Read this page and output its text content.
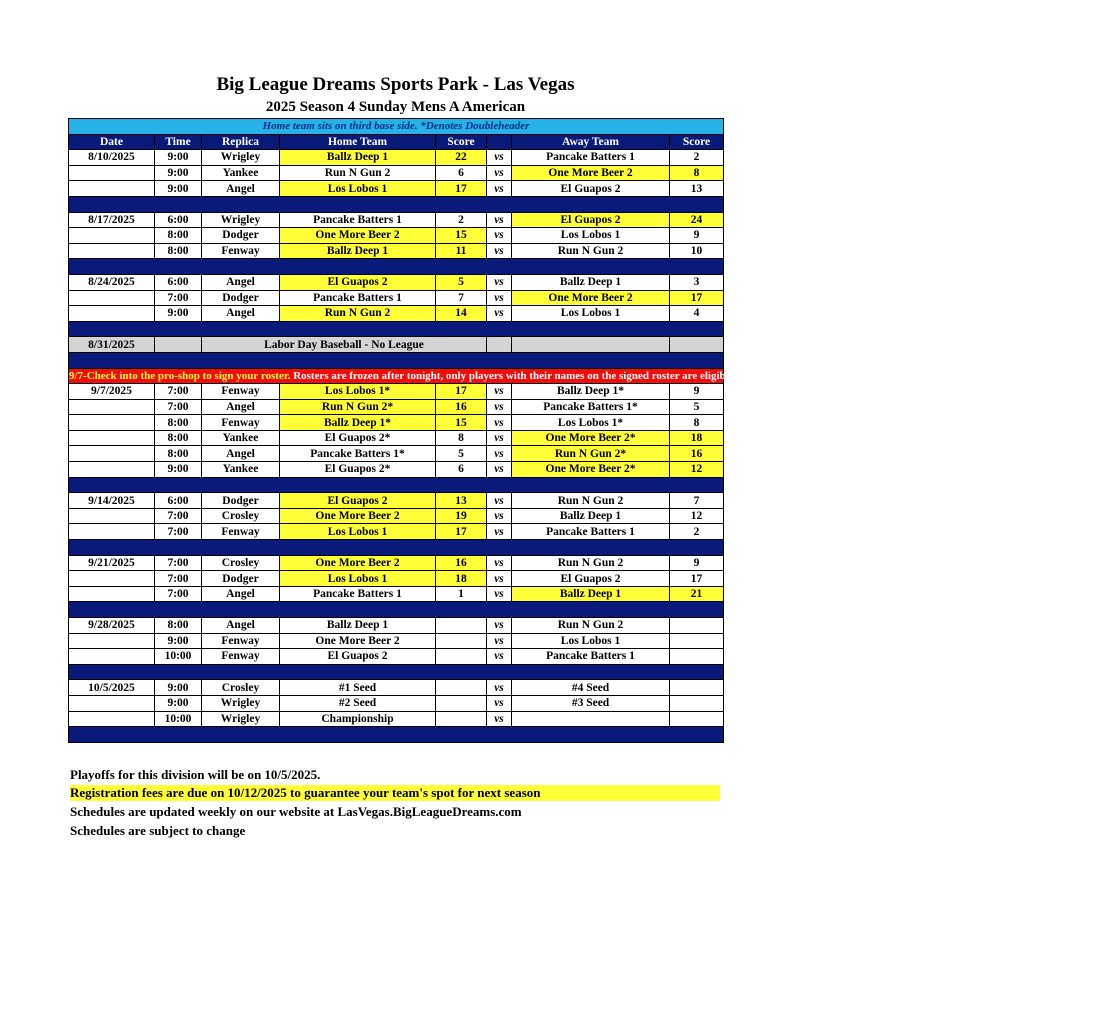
Big League Dreams Sports Park - Las Vegas
2025 Season 4 Sunday Mens A American
Home team sits on third base side. *Denotes Doubleheader							
Date	Time	Replica	Home Team	Score		Away Team	Score
8/10/2025	9:00	Wrigley	Ballz Deep 1	22	vs	Pancake Batters 1	2
	9:00	Yankee	Run N Gun 2	6	vs	One More Beer 2	8
	9:00	Angel	Los Lobos 1	17	vs	El Guapos 2	13

8/17/2025	6:00	Wrigley	Pancake Batters 1	2	vs	El Guapos 2	24
	8:00	Dodger	One More Beer 2	15	vs	Los Lobos 1	9
	8:00	Fenway	Ballz Deep 1	11	vs	Run N Gun 2	10

8/24/2025	6:00	Angel	El Guapos 2	5	vs	Ballz Deep 1	3
	7:00	Dodger	Pancake Batters 1	7	vs	One More Beer 2	17
	9:00	Angel	Run N Gun 2	14	vs	Los Lobos 1	4

8/31/2025		Labor Day Baseball - No League					

9/7-Check into the pro-shop to sign your roster. Rosters are frozen after tonight, only players with their names on the signed roster are eligible for playoffs. Please check carefully as changes will not be made for omissions.							
9/7/2025	7:00	Fenway	Los Lobos 1*	17	vs	Ballz Deep 1*	9
	7:00	Angel	Run N Gun 2*	16	vs	Pancake Batters 1*	5
	8:00	Fenway	Ballz Deep 1*	15	vs	Los Lobos 1*	8
	8:00	Yankee	El Guapos 2*	8	vs	One More Beer 2*	18
	8:00	Angel	Pancake Batters 1*	5	vs	Run N Gun 2*	16
	9:00	Yankee	El Guapos 2*	6	vs	One More Beer 2*	12

9/14/2025	6:00	Dodger	El Guapos 2	13	vs	Run N Gun 2	7
	7:00	Crosley	One More Beer 2	19	vs	Ballz Deep 1	12
	7:00	Fenway	Los Lobos 1	17	vs	Pancake Batters 1	2

9/21/2025	7:00	Crosley	One More Beer 2	16	vs	Run N Gun 2	9
	7:00	Dodger	Los Lobos 1	18	vs	El Guapos 2	17
	7:00	Angel	Pancake Batters 1	1	vs	Ballz Deep 1	21

9/28/2025	8:00	Angel	Ballz Deep 1		vs	Run N Gun 2	
	9:00	Fenway	One More Beer 2		vs	Los Lobos 1	
	10:00	Fenway	El Guapos 2		vs	Pancake Batters 1	

10/5/2025	9:00	Crosley	#1 Seed		vs	#4 Seed	
	9:00	Wrigley	#2 Seed		vs	#3 Seed	
	10:00	Wrigley	Championship		vs		

Playoffs for this division will be on 10/5/2025.
Registration fees are due on 10/12/2025 to guarantee your team's spot for next season
Schedules are updated weekly on our website at LasVegas.BigLeagueDreams.com
Schedules are subject to change
